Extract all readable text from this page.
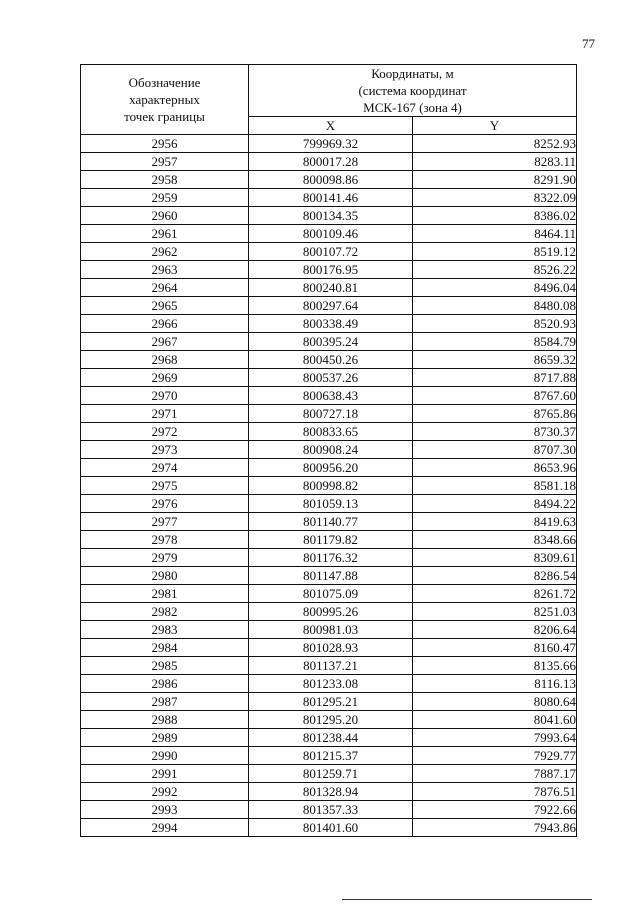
77
Обозначение
характерных
точек границы	Координаты, м
(система координат
МСК-167 (зона 4)	

	X	Y
2956	799969.32	8252.93
2957	800017.28	8283.11
2958	800098.86	8291.90
2959	800141.46	8322.09
2960	800134.35	8386.02
2961	800109.46	8464.11
2962	800107.72	8519.12
2963	800176.95	8526.22
2964	800240.81	8496.04
2965	800297.64	8480.08
2966	800338.49	8520.93
2967	800395.24	8584.79
2968	800450.26	8659.32
2969	800537.26	8717.88
2970	800638.43	8767.60
2971	800727.18	8765.86
2972	800833.65	8730.37
2973	800908.24	8707.30
2974	800956.20	8653.96
2975	800998.82	8581.18
2976	801059.13	8494.22
2977	801140.77	8419.63
2978	801179.82	8348.66
2979	801176.32	8309.61
2980	801147.88	8286.54
2981	801075.09	8261.72
2982	800995.26	8251.03
2983	800981.03	8206.64
2984	801028.93	8160.47
2985	801137.21	8135.66
2986	801233.08	8116.13
2987	801295.21	8080.64
2988	801295.20	8041.60
2989	801238.44	7993.64
2990	801215.37	7929.77
2991	801259.71	7887.17
2992	801328.94	7876.51
2993	801357.33	7922.66
2994	801401.60	7943.86
